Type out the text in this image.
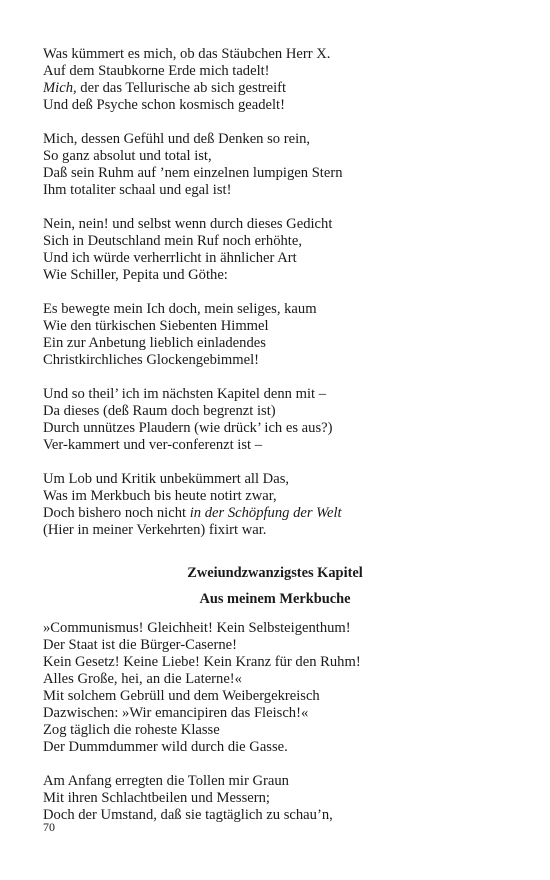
Was kümmert es mich, ob das Stäubchen Herr X.
Auf dem Staubkorne Erde mich tadelt!
Mich, der das Tellurische ab sich gestreift
Und deß Psyche schon kosmisch geadelt!
Mich, dessen Gefühl und deß Denken so rein,
So ganz absolut und total ist,
Daß sein Ruhm auf ’nem einzelnen lumpigen Stern
Ihm totaliter schaal und egal ist!
Nein, nein! und selbst wenn durch dieses Gedicht
Sich in Deutschland mein Ruf noch erhöhte,
Und ich würde verherrlicht in ähnlicher Art
Wie Schiller, Pepita und Göthe:
Es bewegte mein Ich doch, mein seliges, kaum
Wie den türkischen Siebenten Himmel
Ein zur Anbetung lieblich einladendes
Christkirchliches Glockengebimmel!
Und so theil’ ich im nächsten Kapitel denn mit –
Da dieses (deß Raum doch begrenzt ist)
Durch unnützes Plaudern (wie drück’ ich es aus?)
Ver-kammert und ver-conferenzt ist –
Um Lob und Kritik unbekümmert all Das,
Was im Merkbuch bis heute notirt zwar,
Doch bishero noch nicht in der Schöpfung der Welt
(Hier in meiner Verkehrten) fixirt war.
Zweiundzwanzigstes Kapitel
Aus meinem Merkbuche
»Communismus! Gleichheit! Kein Selbsteigenthum!
Der Staat ist die Bürger-Caserne!
Kein Gesetz! Keine Liebe! Kein Kranz für den Ruhm!
Alles Große, hei, an die Laterne!«
Mit solchem Gebrüll und dem Weibergekreisch
Dazwischen: »Wir emancipiren das Fleisch!«
Zog täglich die roheste Klasse
Der Dummdummer wild durch die Gasse.
Am Anfang erregten die Tollen mir Graun
Mit ihren Schlachtbeilen und Messern;
Doch der Umstand, daß sie tagtäglich zu schau’n,
70
